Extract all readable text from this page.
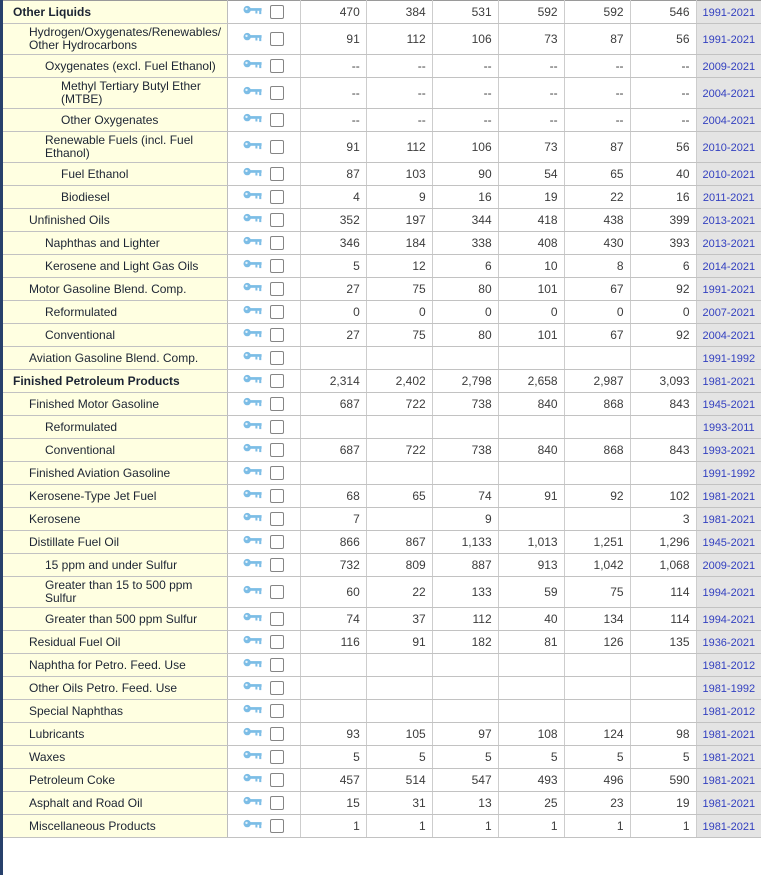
Other Liquids		470	384	531	592	592	546	1991-2021
Hydrogen/Oxygenates/Renewables/ Other Hydrocarbons		91	112	106	73	87	56	1991-2021
Oxygenates (excl. Fuel Ethanol)		--	--	--	--	--	--	2009-2021
Methyl Tertiary Butyl Ether (MTBE)		--	--	--	--	--	--	2004-2021
Other Oxygenates		--	--	--	--	--	--	2004-2021
Renewable Fuels (incl. Fuel Ethanol)		91	112	106	73	87	56	2010-2021
Fuel Ethanol		87	103	90	54	65	40	2010-2021
Biodiesel		4	9	16	19	22	16	2011-2021
Unfinished Oils		352	197	344	418	438	399	2013-2021
Naphthas and Lighter		346	184	338	408	430	393	2013-2021
Kerosene and Light Gas Oils		5	12	6	10	8	6	2014-2021
Motor Gasoline Blend. Comp.		27	75	80	101	67	92	1991-2021
Reformulated		0	0	0	0	0	0	2007-2021
Conventional		27	75	80	101	67	92	2004-2021
Aviation Gasoline Blend. Comp.								1991-1992
Finished Petroleum Products		2,314	2,402	2,798	2,658	2,987	3,093	1981-2021
Finished Motor Gasoline		687	722	738	840	868	843	1945-2021
Reformulated								1993-2011
Conventional		687	722	738	840	868	843	1993-2021
Finished Aviation Gasoline								1991-1992
Kerosene-Type Jet Fuel		68	65	74	91	92	102	1981-2021
Kerosene		7		9			3	1981-2021
Distillate Fuel Oil		866	867	1,133	1,013	1,251	1,296	1945-2021
15 ppm and under Sulfur		732	809	887	913	1,042	1,068	2009-2021
Greater than 15 to 500 ppm Sulfur		60	22	133	59	75	114	1994-2021
Greater than 500 ppm Sulfur		74	37	112	40	134	114	1994-2021
Residual Fuel Oil		116	91	182	81	126	135	1936-2021
Naphtha for Petro. Feed. Use								1981-2012
Other Oils Petro. Feed. Use								1981-1992
Special Naphthas								1981-2012
Lubricants		93	105	97	108	124	98	1981-2021
Waxes		5	5	5	5	5	5	1981-2021
Petroleum Coke		457	514	547	493	496	590	1981-2021
Asphalt and Road Oil		15	31	13	25	23	19	1981-2021
Miscellaneous Products		1	1	1	1	1	1	1981-2021
